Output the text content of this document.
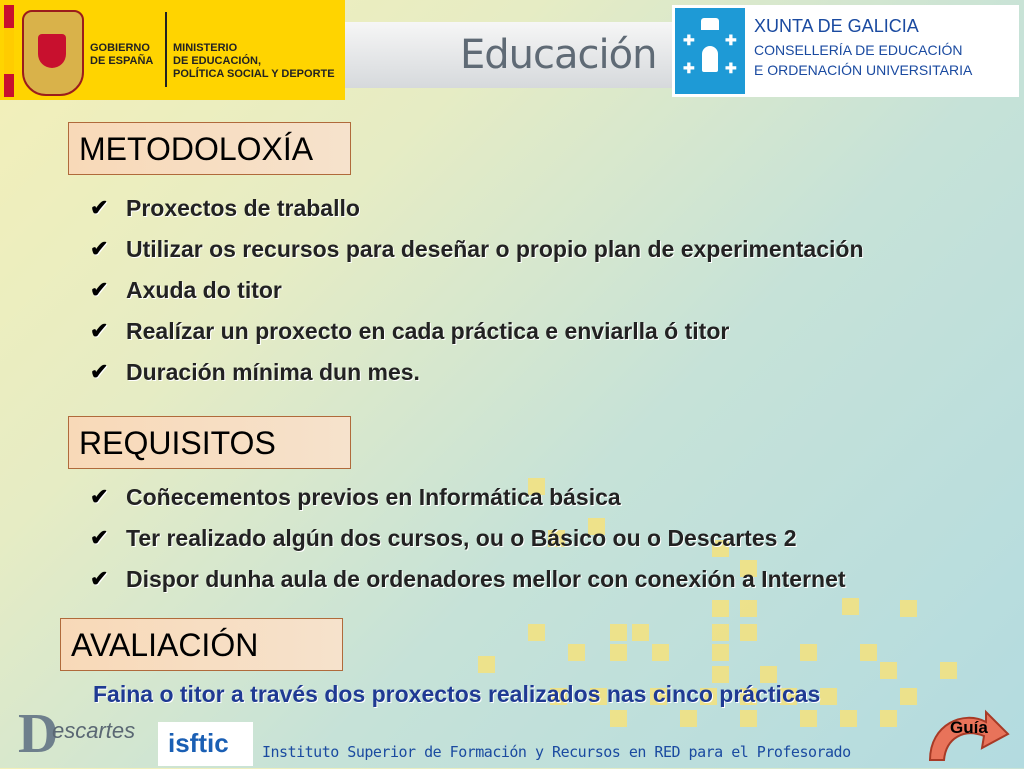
GOBIERNO
DE ESPAÑA
MINISTERIO
DE EDUCACIÓN,
POLÍTICA SOCIAL Y DEPORTE	Educación ✚ ✚
✚ ✚
XUNTA DE GALICIA
CONSELLERÍA DE EDUCACIÓN
E ORDENACIÓN UNIVERSITARIA
METODOLOXÍA
✔ Proxectos de traballo
✔ Utilizar os recursos para deseñar o propio plan de experimentación
✔ Axuda do titor
✔ Realízar un proxecto en cada práctica e enviarlla ó titor
✔ Duración mínima dun mes.
REQUISITOS
✔ Coñecementos previos en Informática básica
✔ Ter realizado algún dos cursos, ou o Básico ou o Descartes 2
✔ Dispor dunha aula de ordenadores mellor con conexión a Internet
AVALIACIÓN
Faina o titor a través dos proxectos realizados nas cinco prácticas
D
escartes isftic Instituto Superior de Formación y Recursos en RED para el Profesorado
Guía
